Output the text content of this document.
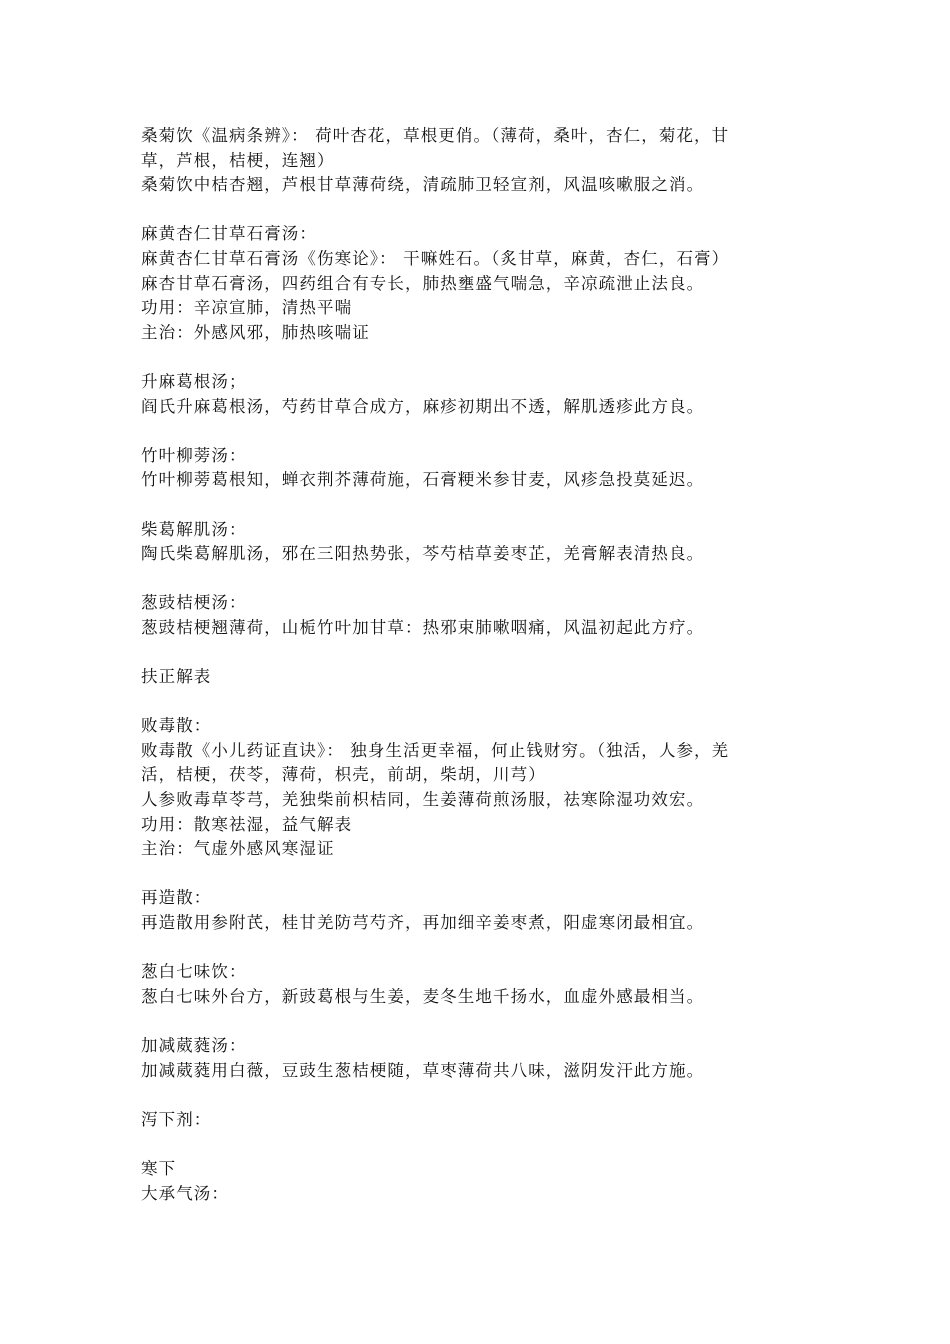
桑菊饮《温病条辨》： 荷叶杏花，草根更俏。（薄荷，桑叶，杏仁，菊花，甘
草，芦根，桔梗，连翘）
桑菊饮中桔杏翘，芦根甘草薄荷绕，清疏肺卫轻宣剂，风温咳嗽服之消。
麻黄杏仁甘草石膏汤：
麻黄杏仁甘草石膏汤《伤寒论》： 干嘛姓石。（炙甘草，麻黄，杏仁，石膏）
麻杏甘草石膏汤，四药组合有专长，肺热壅盛气喘急，辛凉疏泄止法良。
功用：辛凉宣肺，清热平喘
主治：外感风邪，肺热咳喘证
升麻葛根汤；
阎氏升麻葛根汤，芍药甘草合成方，麻疹初期出不透，解肌透疹此方良。
竹叶柳蒡汤：
竹叶柳蒡葛根知，蝉衣荆芥薄荷施，石膏粳米参甘麦，风疹急投莫延迟。
柴葛解肌汤：
陶氏柴葛解肌汤，邪在三阳热势张，芩芍桔草姜枣芷，羌膏解表清热良。
葱豉桔梗汤：
葱豉桔梗翘薄荷，山栀竹叶加甘草：热邪束肺嗽咽痛，风温初起此方疗。
扶正解表
败毒散：
败毒散《小儿药证直诀》： 独身生活更幸福，何止钱财穷。（独活，人参，羌
活，桔梗，茯苓，薄荷，枳壳，前胡，柴胡，川芎）
人参败毒草苓芎，羌独柴前枳桔同，生姜薄荷煎汤服，祛寒除湿功效宏。
功用：散寒祛湿，益气解表
主治：气虚外感风寒湿证
再造散：
再造散用参附芪，桂甘羌防芎芍齐，再加细辛姜枣煮，阳虚寒闭最相宜。
葱白七味饮：
葱白七味外台方，新豉葛根与生姜，麦冬生地千扬水，血虚外感最相当。
加减葳蕤汤：
加减葳蕤用白薇，豆豉生葱桔梗随，草枣薄荷共八味，滋阴发汗此方施。
泻下剂：
寒下
大承气汤：
